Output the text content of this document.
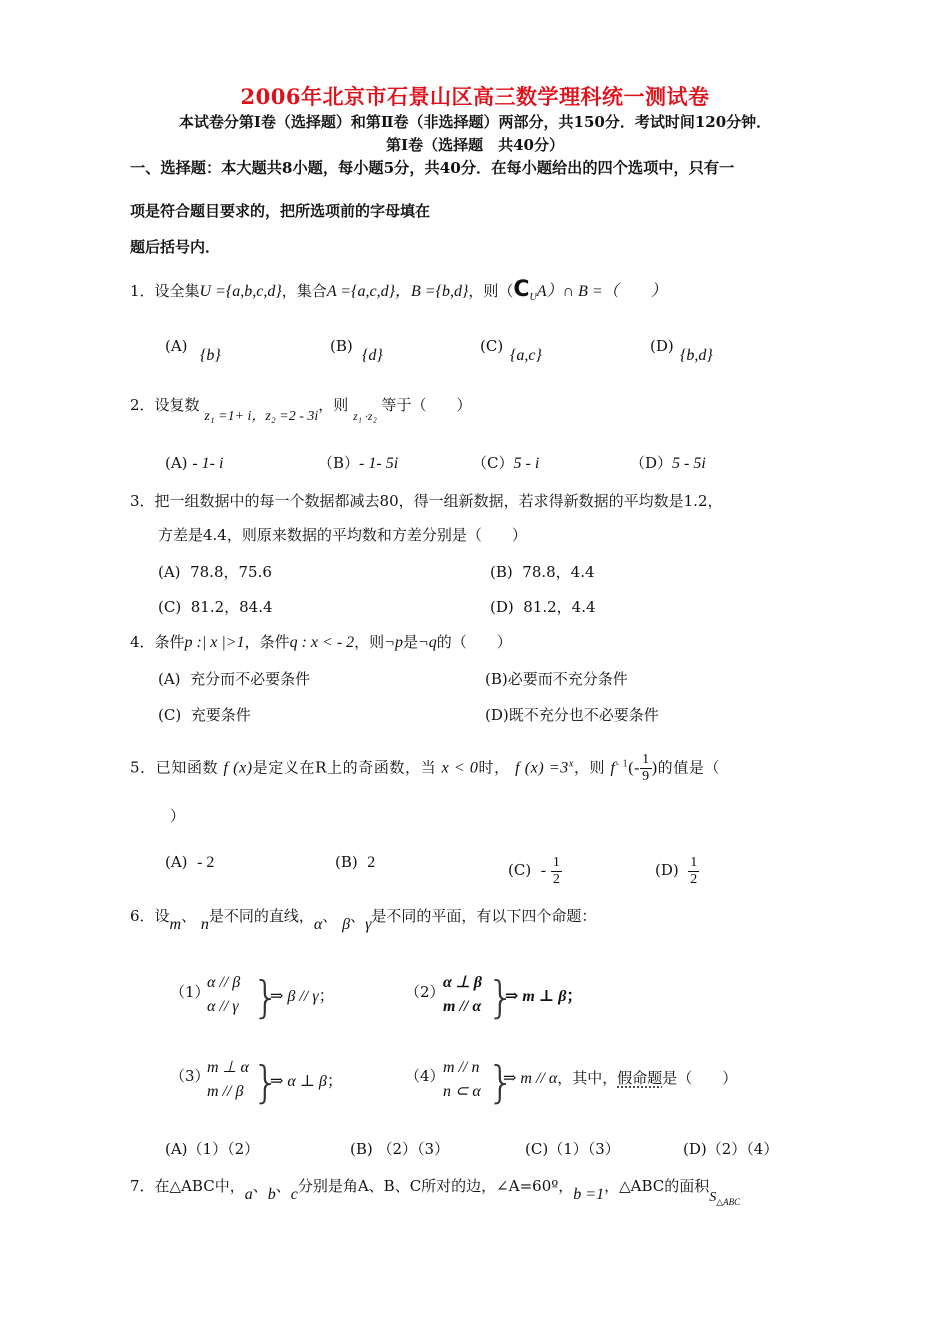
2006年北京市石景山区高三数学理科统一测试卷
本试卷分第Ⅰ卷（选择题）和第Ⅱ卷（非选择题）两部分，共150分．考试时间120分钟．
第Ⅰ卷（选择题　共40分）
一、选择题：本大题共8小题，每小题5分，共40分．在每小题给出的四个选项中，只有一
项是符合题目要求的，把所选项前的字母填在
题后括号内．
1．设全集U ={a,b,c,d}，集合A ={a,c,d}，B ={b,d}，则$(C_UA)\cap$ B =（　　）
(A)
{b}
(B)
{d}
(C)
{a,c}
(D)
{b,d}
2．设复数 z₁ =1+ i，z₂ =2 - 3i，则 $_{z_1 \cdot z_2}$ 等于（　　）
(A) - 1- i	（B）- 1- 5i	（C）5 - i	（D）5 - 5i
3．把一组数据中的每一个数据都减去80，得一组新数据，若求得新数据的平均数是1.2，
方差是4.4，则原来数据的平均数和方差分别是（　　）
(A) 78.8，75.6	(B) 78.8，4.4
(C) 81.2，84.4	(D) 81.2，4.4
4．条件p :| x |>1，条件q : x < - 2，则¬p是¬q的（　　）
(A) 充分而不必要条件	(B)必要而不充分条件
(C) 充要条件	(D)既不充分也不必要条件
5．已知函数 f (x)是定义在R上的奇函数，当 x < 0时， f $(x) =3^x$，则 $f^{- 1}(- \frac{1}{9}$ )的值是（
）
(A) - 2	(B) 2	$(C) - \frac{1}{2}$	$(D) \frac{1}{2}$
6．设m、 n是不同的直线，α、 β、γ是不同的平面，有以下四个命题：
（1）
α // β
α // γ }
⇒ β // γ；	（2）
α ⊥ β
m // α }
⇒ m ⊥ β；
（3）
m ⊥ α
m // β }
⇒ α ⊥ β；	（4）
m // n
n ⊂ α }
⇒ m // α，其中，假命题是（　　）
(A)（1）（2）	(B) （2）（3）	(C)（1）（3）	(D)（2）（4）
7．在△ABC中，a、b、c分别是角A、B、C所对的边，∠A=60º，b =1，△ABC的面积$S_{\triangle ABC}$
